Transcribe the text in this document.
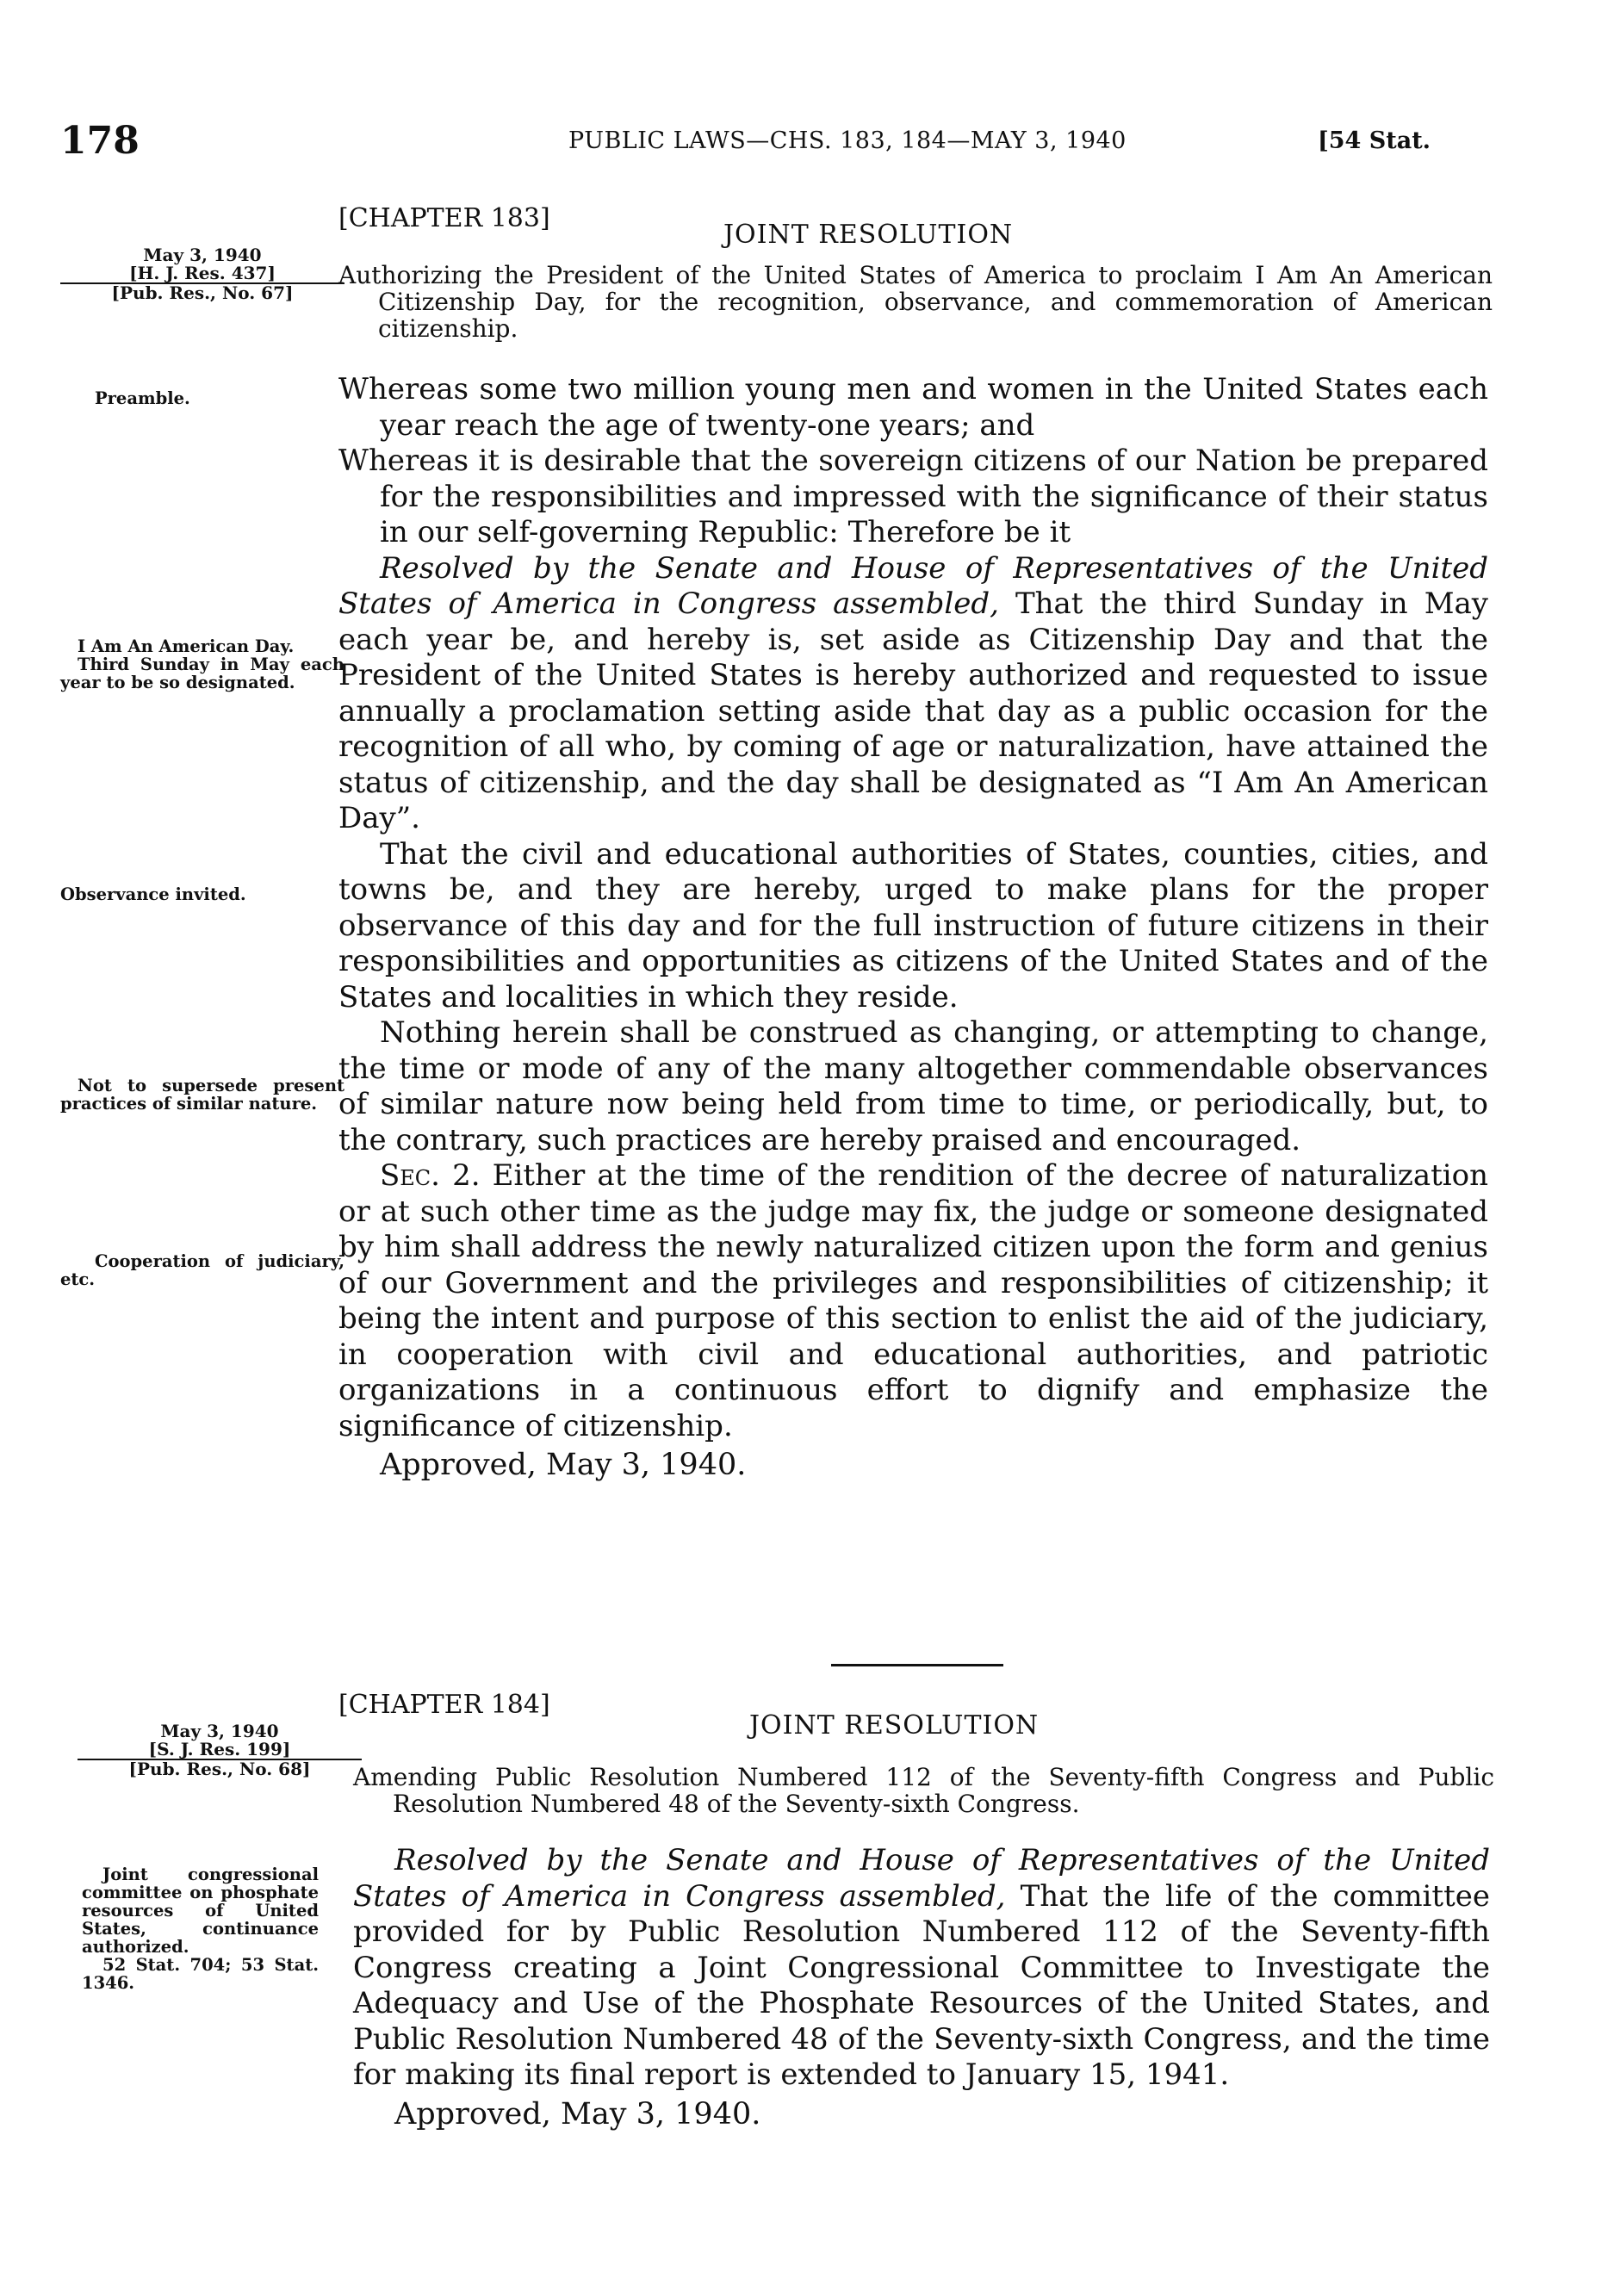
178	PUBLIC LAWS—CHS. 183, 184—MAY 3, 1940	[54 Stat.
[CHAPTER 183]
JOINT RESOLUTION
May 3, 1940
[H. J. Res. 437]
[Pub. Res., No. 67]
Authorizing the President of the United States of America to proclaim I Am An American Citizenship Day, for the recognition, observance, and commemoration of American citizenship.
Preamble.
I Am An American Day.
Third Sunday in May each year to be so designated.
Observance invited.
Not to supersede present practices of similar nature.
Cooperation of judiciary, etc.

Whereas some two million young men and women in the United States each year reach the age of twenty-one years; and

Whereas it is desirable that the sovereign citizens of our Nation be prepared for the responsibilities and impressed with the significance of their status in our self-governing Republic: Therefore be it

Resolved by the Senate and House of Representatives of the United States of America in Congress assembled, That the third Sunday in May each year be, and hereby is, set aside as Citizenship Day and that the President of the United States is hereby authorized and requested to issue annually a proclamation setting aside that day as a public occasion for the recognition of all who, by coming of age or naturalization, have attained the status of citizenship, and the day shall be designated as “I Am An American Day”.

That the civil and educational authorities of States, counties, cities, and towns be, and they are hereby, urged to make plans for the proper observance of this day and for the full instruction of future citizens in their responsibilities and opportunities as citizens of the United States and of the States and localities in which they reside.

Nothing herein shall be construed as changing, or attempting to change, the time or mode of any of the many altogether commendable observances of similar nature now being held from time to time, or periodically, but, to the contrary, such practices are hereby praised and encouraged.

Sec. 2. Either at the time of the rendition of the decree of naturalization or at such other time as the judge may fix, the judge or someone designated by him shall address the newly naturalized citizen upon the form and genius of our Government and the privileges and responsibilities of citizenship; it being the intent and purpose of this section to enlist the aid of the judiciary, in cooperation with civil and educational authorities, and patriotic organizations in a continuous effort to dignify and emphasize the significance of citizenship.

Approved, May 3, 1940.

[CHAPTER 184]
JOINT RESOLUTION
May 3, 1940
[S. J. Res. 199]
[Pub. Res., No. 68]	Amending Public Resolution Numbered 112 of the Seventy-fifth Congress and Public Resolution Numbered 48 of the Seventy-sixth Congress.
Joint congressional committee on phosphate resources of United States, continuance authorized.
52 Stat. 704; 53 Stat. 1346.

Resolved by the Senate and House of Representatives of the United States of America in Congress assembled, That the life of the committee provided for by Public Resolution Numbered 112 of the Seventy-fifth Congress creating a Joint Congressional Committee to Investigate the Adequacy and Use of the Phosphate Resources of the United States, and Public Resolution Numbered 48 of the Seventy-sixth Congress, and the time for making its final report is extended to January 15, 1941.

Approved, May 3, 1940.
